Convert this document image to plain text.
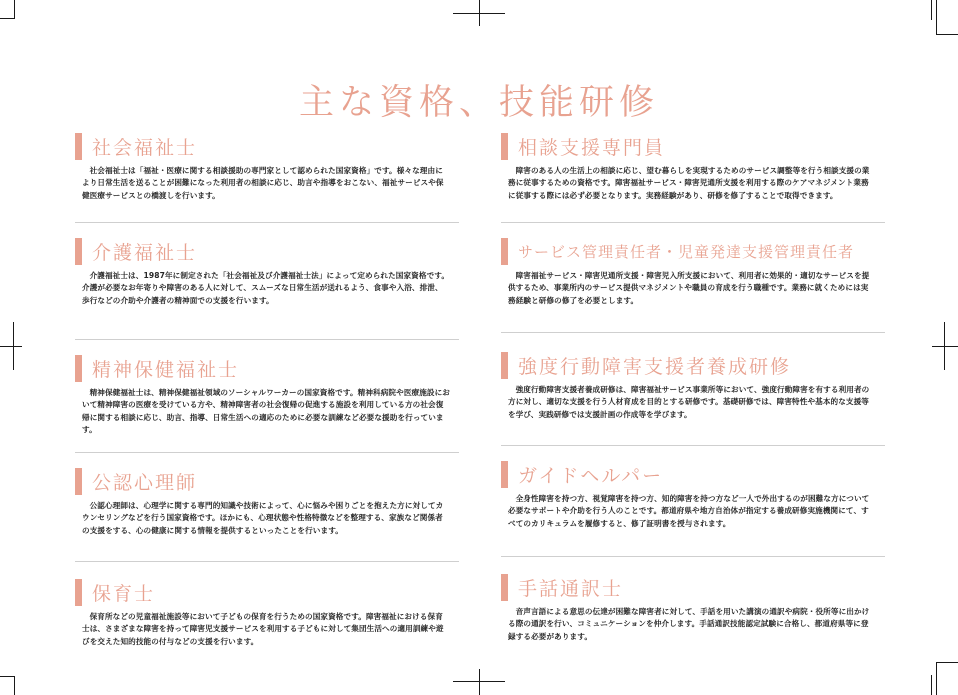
主な資格、技能研修
社会福祉士

社会福祉士は「福祉・医療に関する相談援助の専門家として認められた国家資格」です。様々な理由により日常生活を送ることが困難になった利用者の相談に応じ、助言や指導をおこない、福祉サービスや保健医療サービスとの橋渡しを行います。

介護福祉士

介護福祉士は、1987年に制定された「社会福祉及び介護福祉士法」によって定められた国家資格です。介護が必要なお年寄りや障害のある人に対して、スムーズな日常生活が送れるよう、食事や入浴、排泄、歩行などの介助や介護者の精神面での支援を行います。

精神保健福祉士

精神保健福祉士は、精神保健福祉領域のソーシャルワーカーの国家資格です。精神科病院や医療施設において精神障害の医療を受けている方や、精神障害者の社会復帰の促進する施設を利用している方の社会復帰に関する相談に応じ、助言、指導、日常生活への適応のために必要な訓練など必要な援助を行っています。

公認心理師

公認心理師は、心理学に関する専門的知識や技術によって、心に悩みや困りごとを抱えた方に対してカウンセリングなどを行う国家資格です。ほかにも、心理状態や性格特徴などを整理する、家族など関係者の支援をする、心の健康に関する情報を提供するといったことを行います。

保育士

保育所などの児童福祉施設等において子どもの保育を行うための国家資格です。障害福祉における保育士は、さまざまな障害を持って障害児支援サービスを利用する子どもに対して集団生活への適用訓練や遊びを交えた知的技能の付与などの支援を行います。

相談支援専門員

障害のある人の生活上の相談に応じ、望む暮らしを実現するためのサービス調整等を行う相談支援の業務に従事するための資格です。障害福祉サービス・障害児通所支援を利用する際のケアマネジメント業務に従事する際には必ず必要となります。実務経験があり、研修を修了することで取得できます。

サービス管理責任者・児童発達支援管理責任者

障害福祉サービス・障害児通所支援・障害児入所支援において、利用者に効果的・適切なサービスを提供するため、事業所内のサービス提供マネジメントや職員の育成を行う職種です。業務に就くためには実務経験と研修の修了を必要とします。

強度行動障害支援者養成研修

強度行動障害支援者養成研修は、障害福祉サービス事業所等において、強度行動障害を有する利用者の方に対し、適切な支援を行う人材育成を目的とする研修です。基礎研修では、障害特性や基本的な支援等を学び、実践研修では支援計画の作成等を学びます。

ガイドヘルパー

全身性障害を持つ方、視覚障害を持つ方、知的障害を持つ方など一人で外出するのが困難な方について必要なサポートや介助を行う人のことです。都道府県や地方自治体が指定する養成研修実施機関にて、すべてのカリキュラムを履修すると、修了証明書を授与されます。

手話通訳士

音声言語による意思の伝達が困難な障害者に対して、手話を用いた講演の通訳や病院・役所等に出かける際の通訳を行い、コミュニケーションを仲介します。手話通訳技能認定試験に合格し、都道府県等に登録する必要があります。
